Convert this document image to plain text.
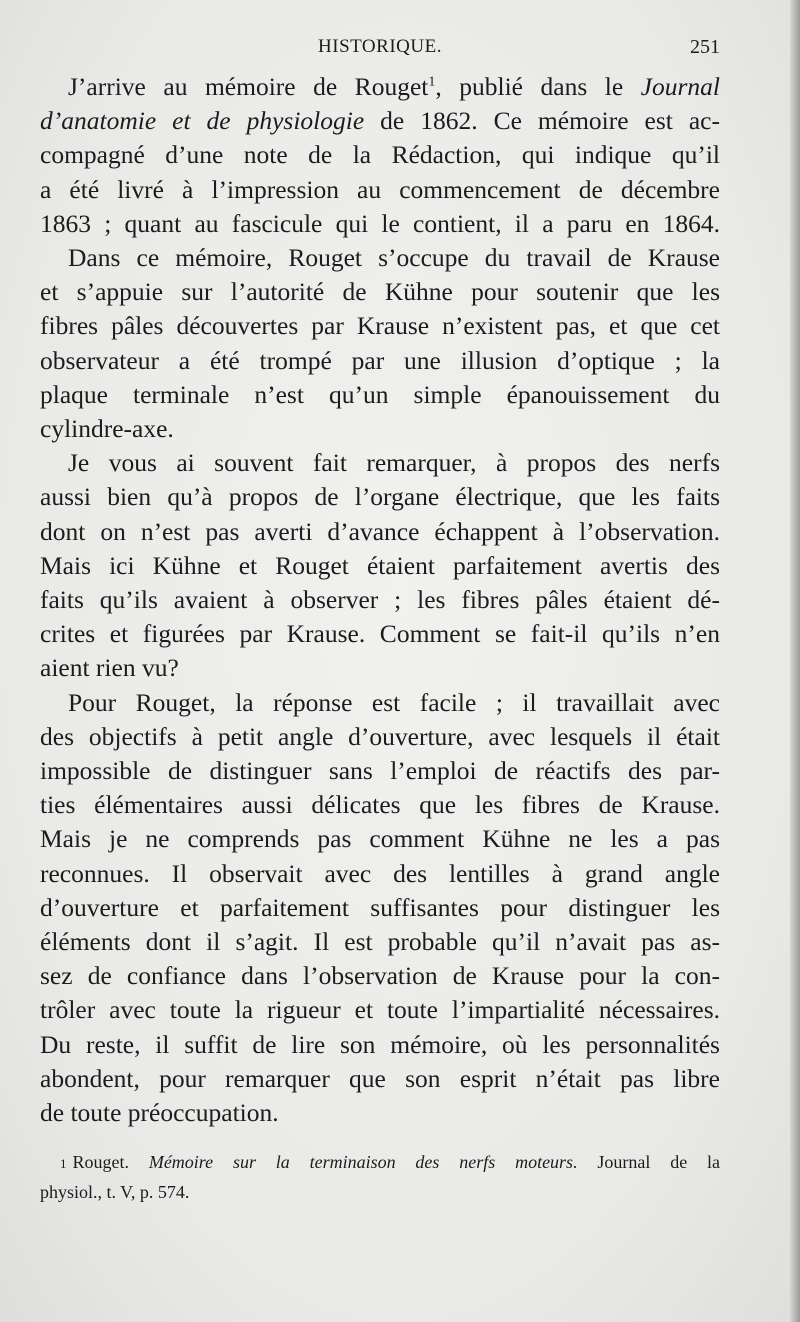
HISTORIQUE.	251
J’arrive au mémoire de Rouget$^1$, publié dans le Journal
d’anatomie et de physiologie de 1862. Ce mémoire est ac-
compagné d’une note de la Rédaction, qui indique qu’il
a été livré à l’impression au commencement de décembre
1863 ; quant au fascicule qui le contient, il a paru en 1864.
Dans ce mémoire, Rouget s’occupe du travail de Krause
et s’appuie sur l’autorité de Kühne pour soutenir que les
fibres pâles découvertes par Krause n’existent pas, et que cet
observateur a été trompé par une illusion d’optique ; la
plaque terminale n’est qu’un simple épanouissement du
cylindre-axe.
Je vous ai souvent fait remarquer, à propos des nerfs
aussi bien qu’à propos de l’organe électrique, que les faits
dont on n’est pas averti d’avance échappent à l’observation.
Mais ici Kühne et Rouget étaient parfaitement avertis des
faits qu’ils avaient à observer ; les fibres pâles étaient dé-
crites et figurées par Krause. Comment se fait-il qu’ils n’en
aient rien vu?
Pour Rouget, la réponse est facile ; il travaillait avec
des objectifs à petit angle d’ouverture, avec lesquels il était
impossible de distinguer sans l’emploi de réactifs des par-
ties élémentaires aussi délicates que les fibres de Krause.
Mais je ne comprends pas comment Kühne ne les a pas
reconnues. Il observait avec des lentilles à grand angle
d’ouverture et parfaitement suffisantes pour distinguer les
éléments dont il s’agit. Il est probable qu’il n’avait pas as-
sez de confiance dans l’observation de Krause pour la con-
trôler avec toute la rigueur et toute l’impartialité nécessaires.
Du reste, il suffit de lire son mémoire, où les personnalités
abondent, pour remarquer que son esprit n’était pas libre
de toute préoccupation.
1 Rouget. Mémoire sur la terminaison des nerfs moteurs. Journal de la
physiol., t. V, p. 574.
